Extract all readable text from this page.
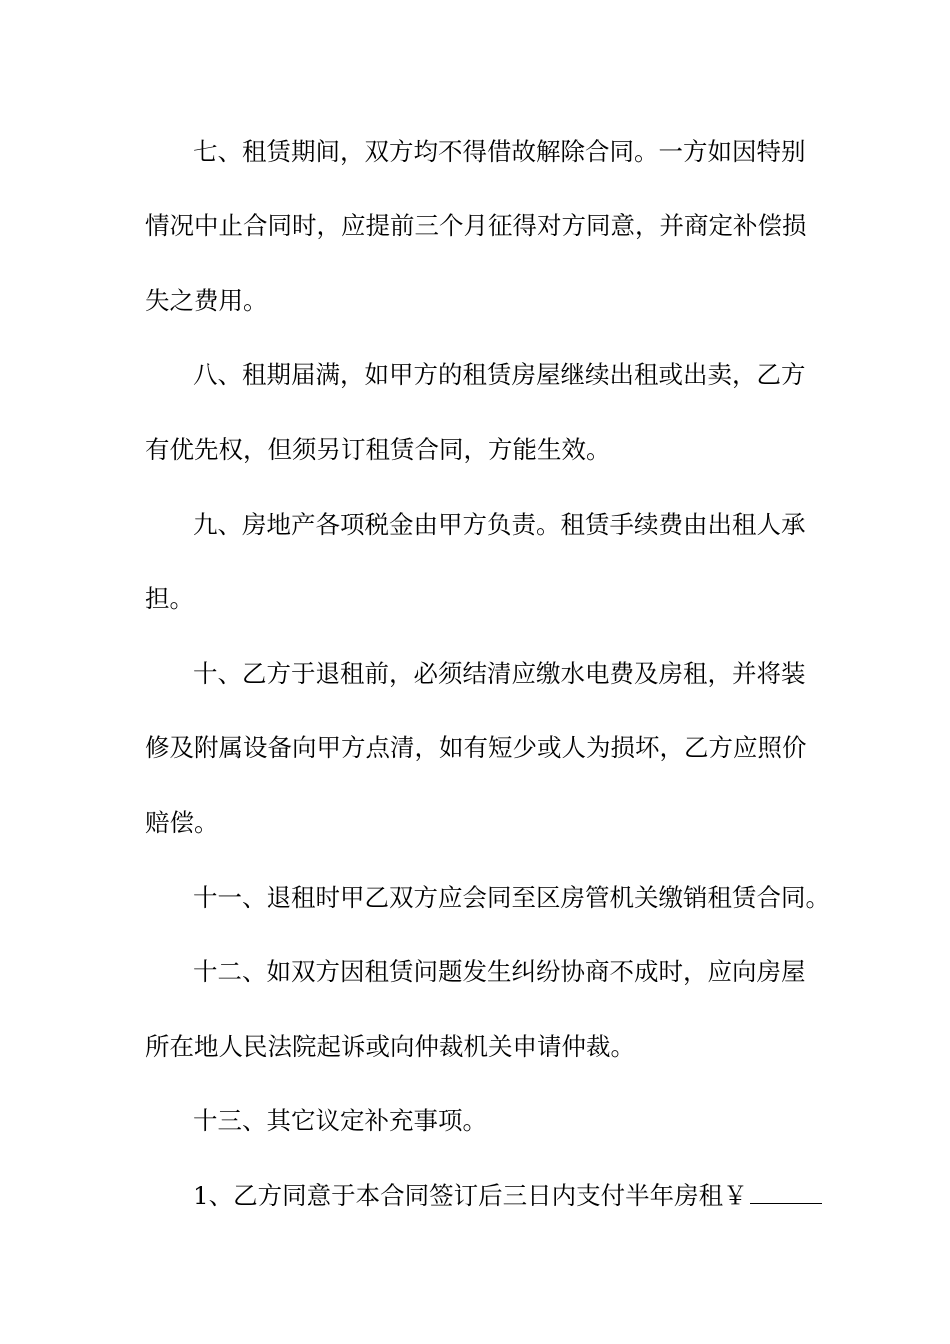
七、租赁期间，双方均不得借故解除合同。一方如因特别
情况中止合同时，应提前三个月征得对方同意，并商定补偿损
失之费用。
八、租期届满，如甲方的租赁房屋继续出租或出卖，乙方
有优先权，但须另订租赁合同，方能生效。
九、房地产各项税金由甲方负责。租赁手续费由出租人承
担。
十、乙方于退租前，必须结清应缴水电费及房租，并将装
修及附属设备向甲方点清，如有短少或人为损坏，乙方应照价
赔偿。
十一、退租时甲乙双方应会同至区房管机关缴销租赁合同。
十二、如双方因租赁问题发生纠纷协商不成时，应向房屋
所在地人民法院起诉或向仲裁机关申请仲裁。
十三、其它议定补充事项。
1、乙方同意于本合同签订后三日内支付半年房租￥
